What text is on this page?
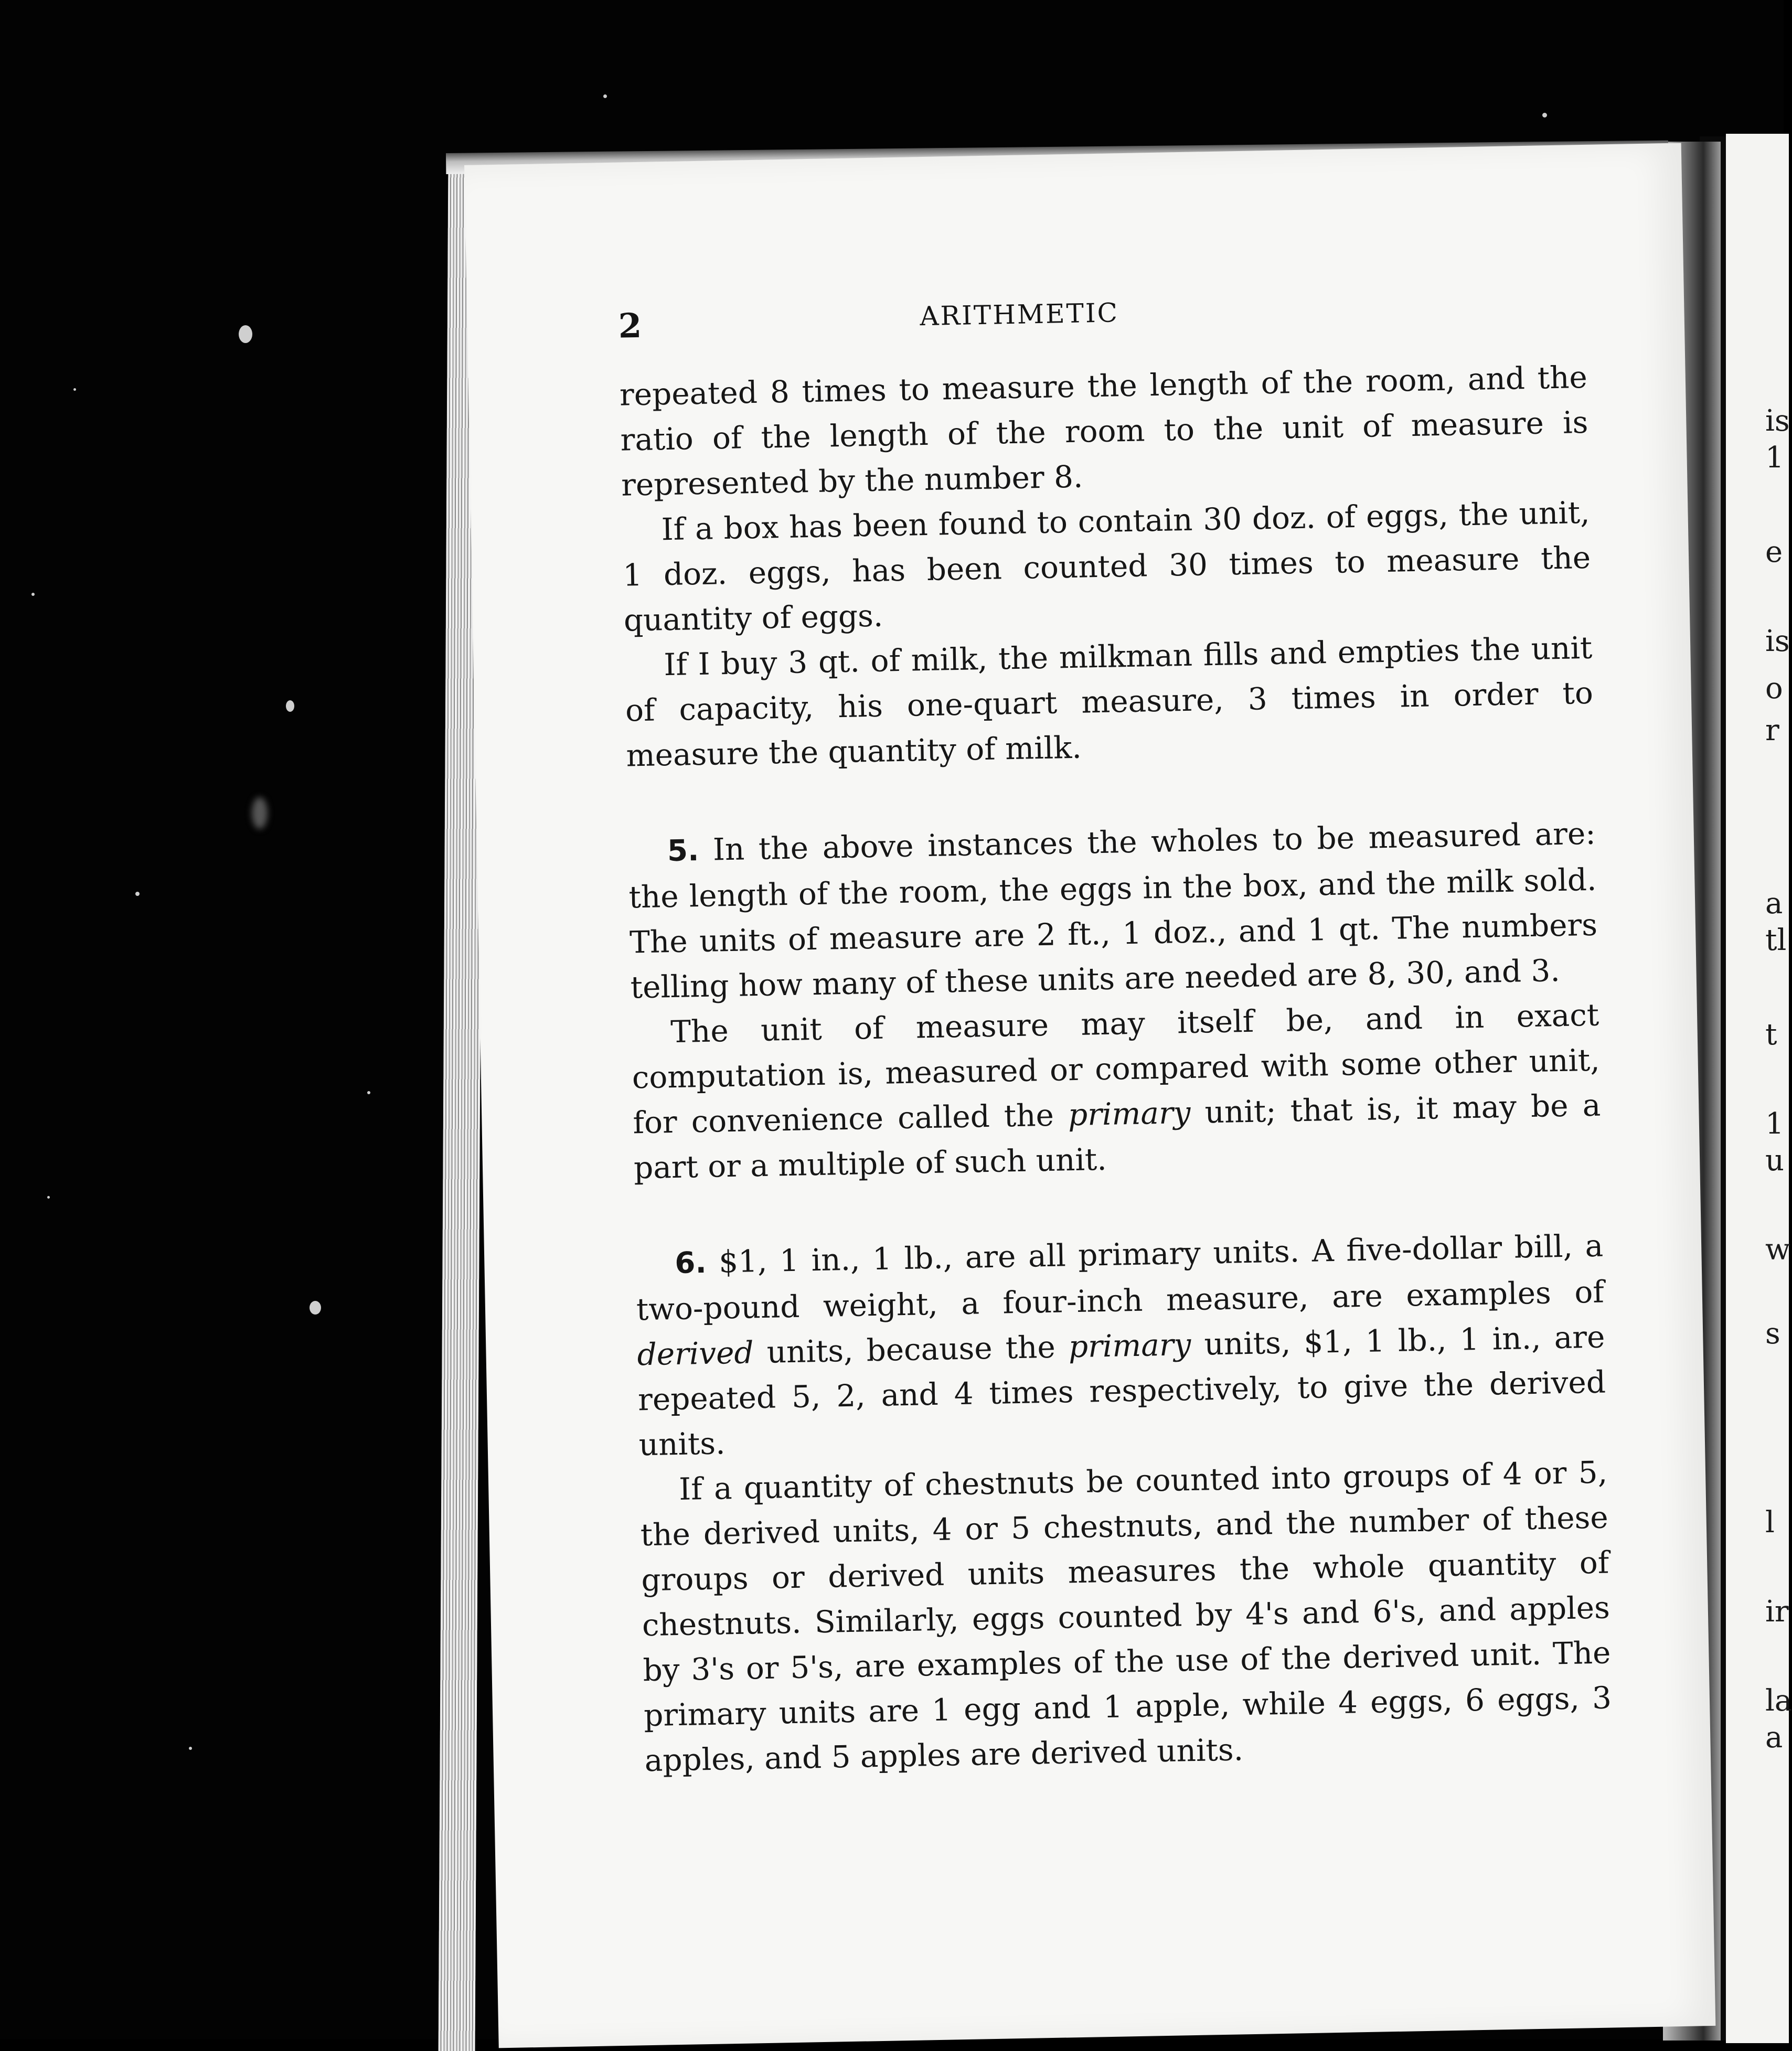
is
1
e
is
o
r
a
tl
t
1
u
w
s
l
ir
la
a
2	ARITHMETIC

repeated 8 times to measure the length of the room, and the ratio of the length of the room to the unit of measure is represented by the number 8.

If a box has been found to contain 30 doz. of eggs, the unit, 1 doz. eggs, has been counted 30 times to measure the quantity of eggs.

If I buy 3 qt. of milk, the milkman fills and empties the unit of capacity, his one-quart measure, 3 times in order to measure the quantity of milk.

5. In the above instances the wholes to be measured are: the length of the room, the eggs in the box, and the milk sold. The units of measure are 2 ft., 1 doz., and 1 qt. The numbers telling how many of these units are needed are 8, 30, and 3.

The unit of measure may itself be, and in exact computation is, measured or compared with some other unit, for convenience called the primary unit; that is, it may be a part or a multiple of such unit.

6. $1, 1 in., 1 lb., are all primary units. A five-dollar bill, a two-pound weight, a four-inch measure, are examples of derived units, because the primary units, $1, 1 lb., 1 in., are repeated 5, 2, and 4 times respectively, to give the derived units.

If a quantity of chestnuts be counted into groups of 4 or 5, the derived units, 4 or 5 chestnuts, and the number of these groups or derived units measures the whole quantity of chestnuts. Similarly, eggs counted by 4's and 6's, and apples by 3's or 5's, are examples of the use of the derived unit. The primary units are 1 egg and 1 apple, while 4 eggs, 6 eggs, 3 apples, and 5 apples are derived units.
